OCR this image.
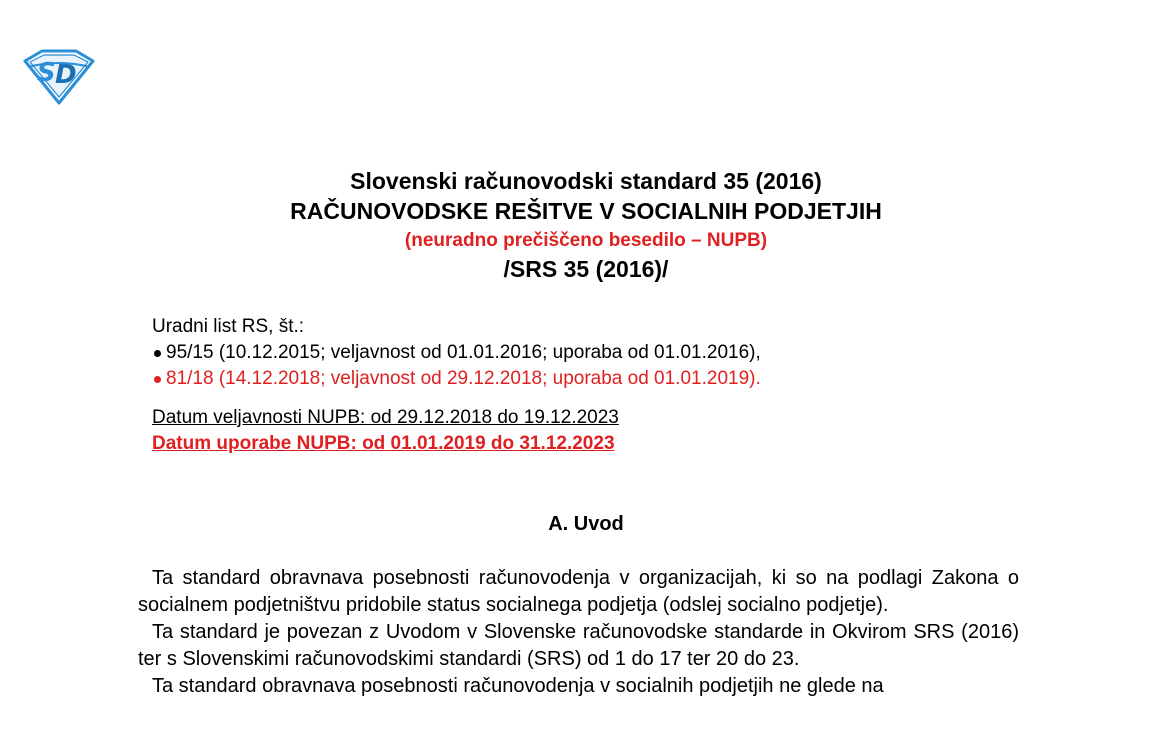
S D
Slovenski računovodski standard 35 (2016)
RAČUNOVODSKE REŠITVE V SOCIALNIH PODJETJIH
(neuradno prečiščeno besedilo – NUPB)
/SRS 35 (2016)/
Uradni list RS, št.:
95/15 (10.12.2015; veljavnost od 01.01.2016; uporaba od 01.01.2016),
81/18 (14.12.2018; veljavnost od 29.12.2018; uporaba od 01.01.2019).
Datum veljavnosti NUPB: od 29.12.2018 do 19.12.2023
Datum uporabe NUPB: od 01.01.2019 do 31.12.2023
A. Uvod

Ta standard obravnava posebnosti računovodenja v organizacijah, ki so na podlagi Zakona o socialnem podjetništvu pridobile status socialnega podjetja (odslej socialno podjetje).

Ta standard je povezan z Uvodom v Slovenske računovodske standarde in Okvirom SRS (2016) ter s Slovenskimi računovodskimi standardi (SRS) od 1 do 17 ter 20 do 23.

Ta standard obravnava posebnosti računovodenja v socialnih podjetjih ne glede na
